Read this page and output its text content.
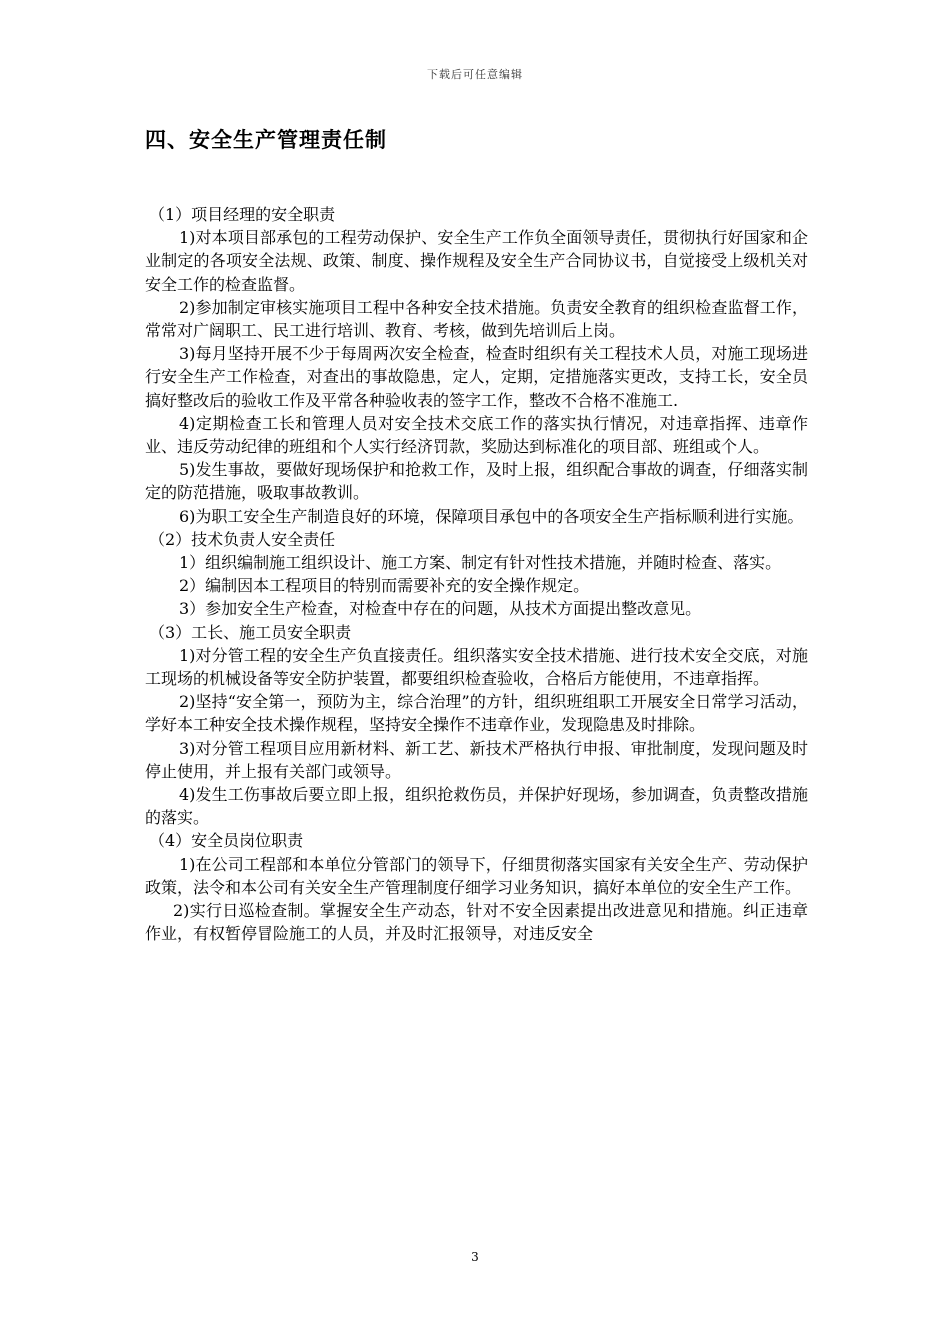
下载后可任意编辑
四、安全生产管理责任制

（1）项目经理的安全职责

1)对本项目部承包的工程劳动保护、安全生产工作负全面领导责任，贯彻执行好国家和企业制定的各项安全法规、政策、制度、操作规程及安全生产合同协议书，自觉接受上级机关对安全工作的检查监督。

2)参加制定审核实施项目工程中各种安全技术措施。负责安全教育的组织检查监督工作，常常对广阔职工、民工进行培训、教育、考核，做到先培训后上岗。

3)每月坚持开展不少于每周两次安全检查，检查时组织有关工程技术人员，对施工现场进行安全生产工作检查，对查出的事故隐患，定人，定期，定措施落实更改，支持工长，安全员搞好整改后的验收工作及平常各种验收表的签字工作，整改不合格不准施工.

4)定期检查工长和管理人员对安全技术交底工作的落实执行情况，对违章指挥、违章作业、违反劳动纪律的班组和个人实行经济罚款，奖励达到标准化的项目部、班组或个人。

5)发生事故，要做好现场保护和抢救工作，及时上报，组织配合事故的调查，仔细落实制定的防范措施，吸取事故教训。

6)为职工安全生产制造良好的环境，保障项目承包中的各项安全生产指标顺利进行实施。

（2）技术负责人安全责任

1）组织编制施工组织设计、施工方案、制定有针对性技术措施，并随时检查、落实。

2）编制因本工程项目的特别而需要补充的安全操作规定。

3）参加安全生产检查，对检查中存在的问题，从技术方面提出整改意见。

（3）工长、施工员安全职责

1)对分管工程的安全生产负直接责任。组织落实安全技术措施、进行技术安全交底，对施工现场的机械设备等安全防护装置，都要组织检查验收，合格后方能使用，不违章指挥。

2)坚持“安全第一，预防为主，综合治理”的方针，组织班组职工开展安全日常学习活动，学好本工种安全技术操作规程，坚持安全操作不违章作业，发现隐患及时排除。

3)对分管工程项目应用新材料、新工艺、新技术严格执行申报、审批制度，发现问题及时停止使用，并上报有关部门或领导。

4)发生工伤事故后要立即上报，组织抢救伤员，并保护好现场，参加调查，负责整改措施的落实。

（4）安全员岗位职责

1)在公司工程部和本单位分管部门的领导下，仔细贯彻落实国家有关安全生产、劳动保护政策，法令和本公司有关安全生产管理制度仔细学习业务知识，搞好本单位的安全生产工作。

2)实行日巡检查制。掌握安全生产动态，针对不安全因素提出改进意见和措施。纠正违章作业，有权暂停冒险施工的人员，并及时汇报领导，对违反安全

3
